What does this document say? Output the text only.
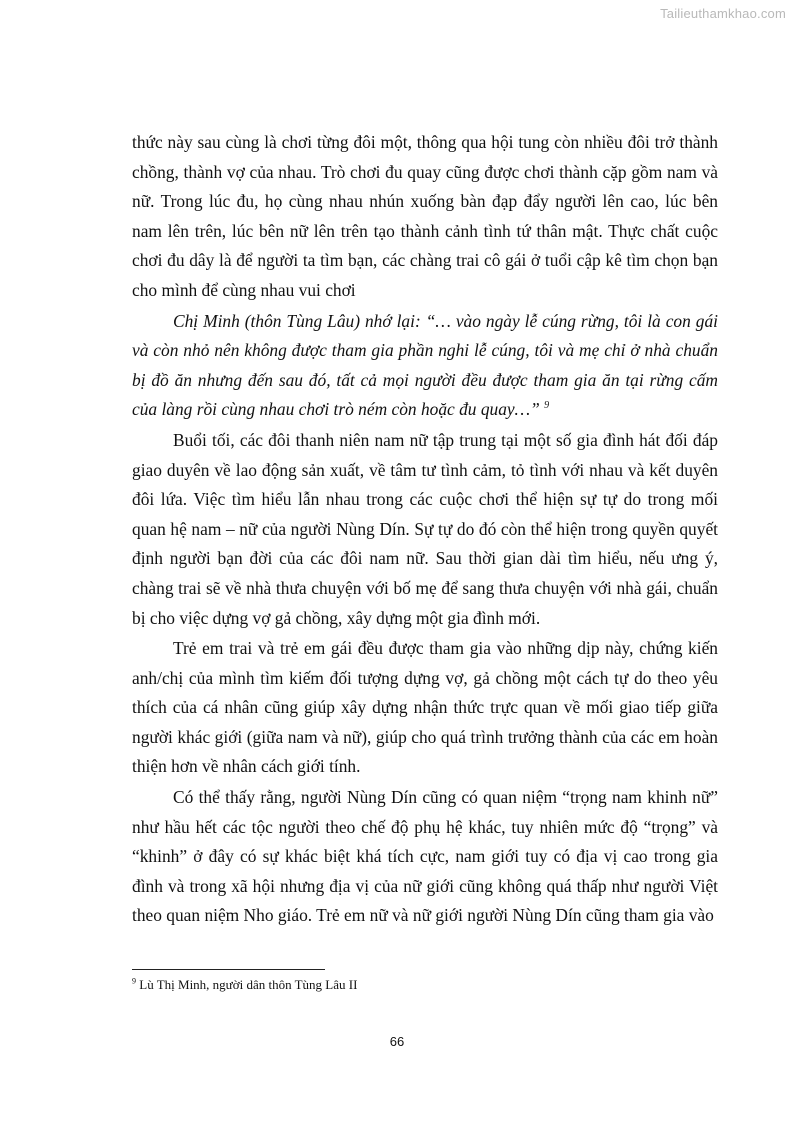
Tailieuthamkhao.com

thức này sau cùng là chơi từng đôi một, thông qua hội tung còn nhiều đôi trở thành chồng, thành vợ của nhau. Trò chơi đu quay cũng được chơi thành cặp gồm nam và nữ. Trong lúc đu, họ cùng nhau nhún xuống bàn đạp đẩy người lên cao, lúc bên nam lên trên, lúc bên nữ lên trên tạo thành cảnh tình tứ thân mật. Thực chất cuộc chơi đu dây là để người ta tìm bạn, các chàng trai cô gái ở tuổi cập kê tìm chọn bạn cho mình để cùng nhau vui chơi

Chị Minh (thôn Tùng Lâu) nhớ lại: “… vào ngày lễ cúng rừng, tôi là con gái và còn nhỏ nên không được tham gia phần nghi lễ cúng, tôi và mẹ chỉ ở nhà chuẩn bị đồ ăn nhưng đến sau đó, tất cả mọi người đều được tham gia ăn tại rừng cấm của làng rồi cùng nhau chơi trò ném còn hoặc đu quay…” $^9$

Buổi tối, các đôi thanh niên nam nữ tập trung tại một số gia đình hát đối đáp giao duyên về lao động sản xuất, về tâm tư tình cảm, tỏ tình với nhau và kết duyên đôi lứa. Việc tìm hiểu lẫn nhau trong các cuộc chơi thể hiện sự tự do trong mối quan hệ nam – nữ của người Nùng Dín. Sự tự do đó còn thể hiện trong quyền quyết định người bạn đời của các đôi nam nữ. Sau thời gian dài tìm hiểu, nếu ưng ý, chàng trai sẽ về nhà thưa chuyện với bố mẹ để sang thưa chuyện với nhà gái, chuẩn bị cho việc dựng vợ gả chồng, xây dựng một gia đình mới.

Trẻ em trai và trẻ em gái đều được tham gia vào những dịp này, chứng kiến anh/chị của mình tìm kiếm đối tượng dựng vợ, gả chồng một cách tự do theo yêu thích của cá nhân cũng giúp xây dựng nhận thức trực quan về mối giao tiếp giữa người khác giới (giữa nam và nữ), giúp cho quá trình trưởng thành của các em hoàn thiện hơn về nhân cách giới tính.

Có thể thấy rằng, người Nùng Dín cũng có quan niệm “trọng nam khinh nữ” như hầu hết các tộc người theo chế độ phụ hệ khác, tuy nhiên mức độ “trọng” và “khinh” ở đây có sự khác biệt khá tích cực, nam giới tuy có địa vị cao trong gia đình và trong xã hội nhưng địa vị của nữ giới cũng không quá thấp như người Việt theo quan niệm Nho giáo. Trẻ em nữ và nữ giới người Nùng Dín cũng tham gia vào

$^9$ Lù Thị Minh, người dân thôn Tùng Lâu II
66
